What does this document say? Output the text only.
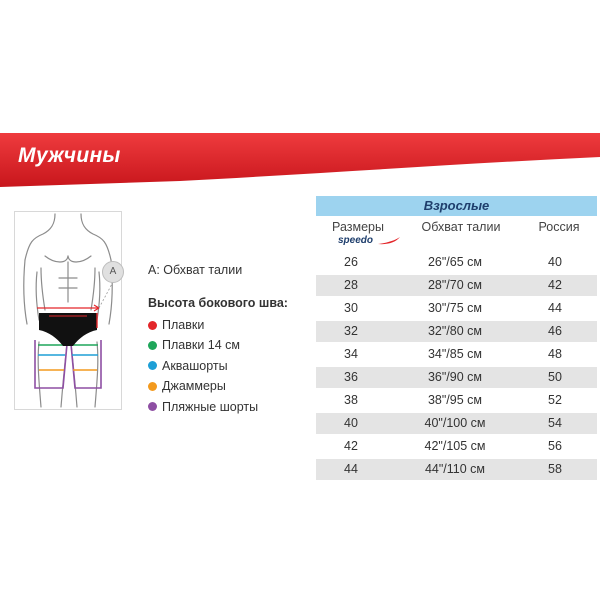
Мужчины
A	A: Обхват талии
Высота бокового шва:
Плавки
Плавки 14 см
Аквашорты
Джаммеры
Пляжные шорты
Взрослые
Размеры	Обхват талии	Россия
speedo
26	26"/65 см	40
28	28"/70 см	42
30	30"/75 см	44
32	32"/80 см	46
34	34"/85 см	48
36	36"/90 см	50
38	38"/95 см	52
40	40"/100 см	54
42	42"/105 см	56
44	44"/110 см	58
